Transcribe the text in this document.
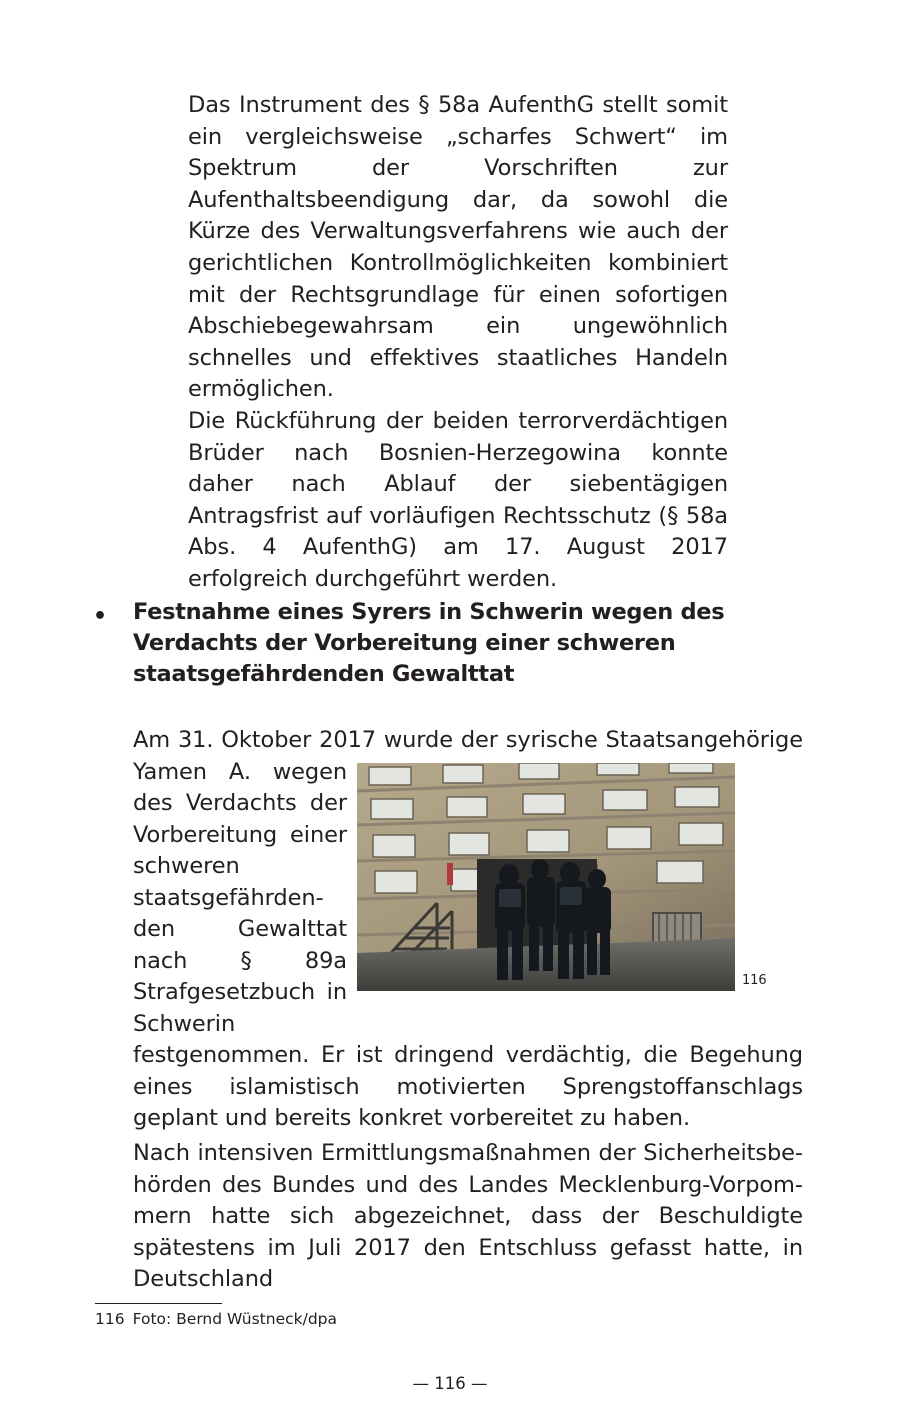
Das Instrument des § 58a AufenthG stellt somit ein vergleichsweise „scharfes Schwert“ im Spektrum der Vorschriften zur Aufenthaltsbeendigung dar, da sowohl die Kürze des Verwaltungsverfahrens wie auch der gerichtlichen Kontrollmöglichkeiten kombiniert mit der Rechtsgrundlage für einen sofortigen Abschiebegewahrsam ein ungewöhnlich schnelles und effektives staatliches Handeln ermöglichen.

Die Rückführung der beiden terrorverdächtigen Brüder nach Bosnien-Herzegowina konnte daher nach Ablauf der siebentägigen Antragsfrist auf vorläufigen Rechtsschutz (§ 58a Abs. 4 AufenthG) am 17. August 2017 erfolgreich durchgeführt werden.

• Festnahme eines Syrers in Schwerin wegen des Verdachts der Vorbereitung einer schweren staatsgefährdenden Gewalttat
Am 31. Oktober 2017 wurde der syrische Staatsangehörige
116
Yamen A. wegen des Verdachts der Vorbereitung einer schweren staatsgefährdenden Gewalttat nach § 89a Strafgesetzbuch in Schwerin festgenommen. Er ist dringend verdächtig, die Begehung eines islamistisch motivierten Sprengstoffanschlags geplant und bereits konkret vorbereitet zu haben.
Nach intensiven Ermittlungsmaßnahmen der Sicherheitsbehörden des Bundes und des Landes Mecklenburg-Vorpommern hatte sich abgezeichnet, dass der Beschuldigte spätestens im Juli 2017 den Entschluss gefasst hatte, in Deutschland
116 Foto: Bernd Wüstneck/dpa
— 116 —
